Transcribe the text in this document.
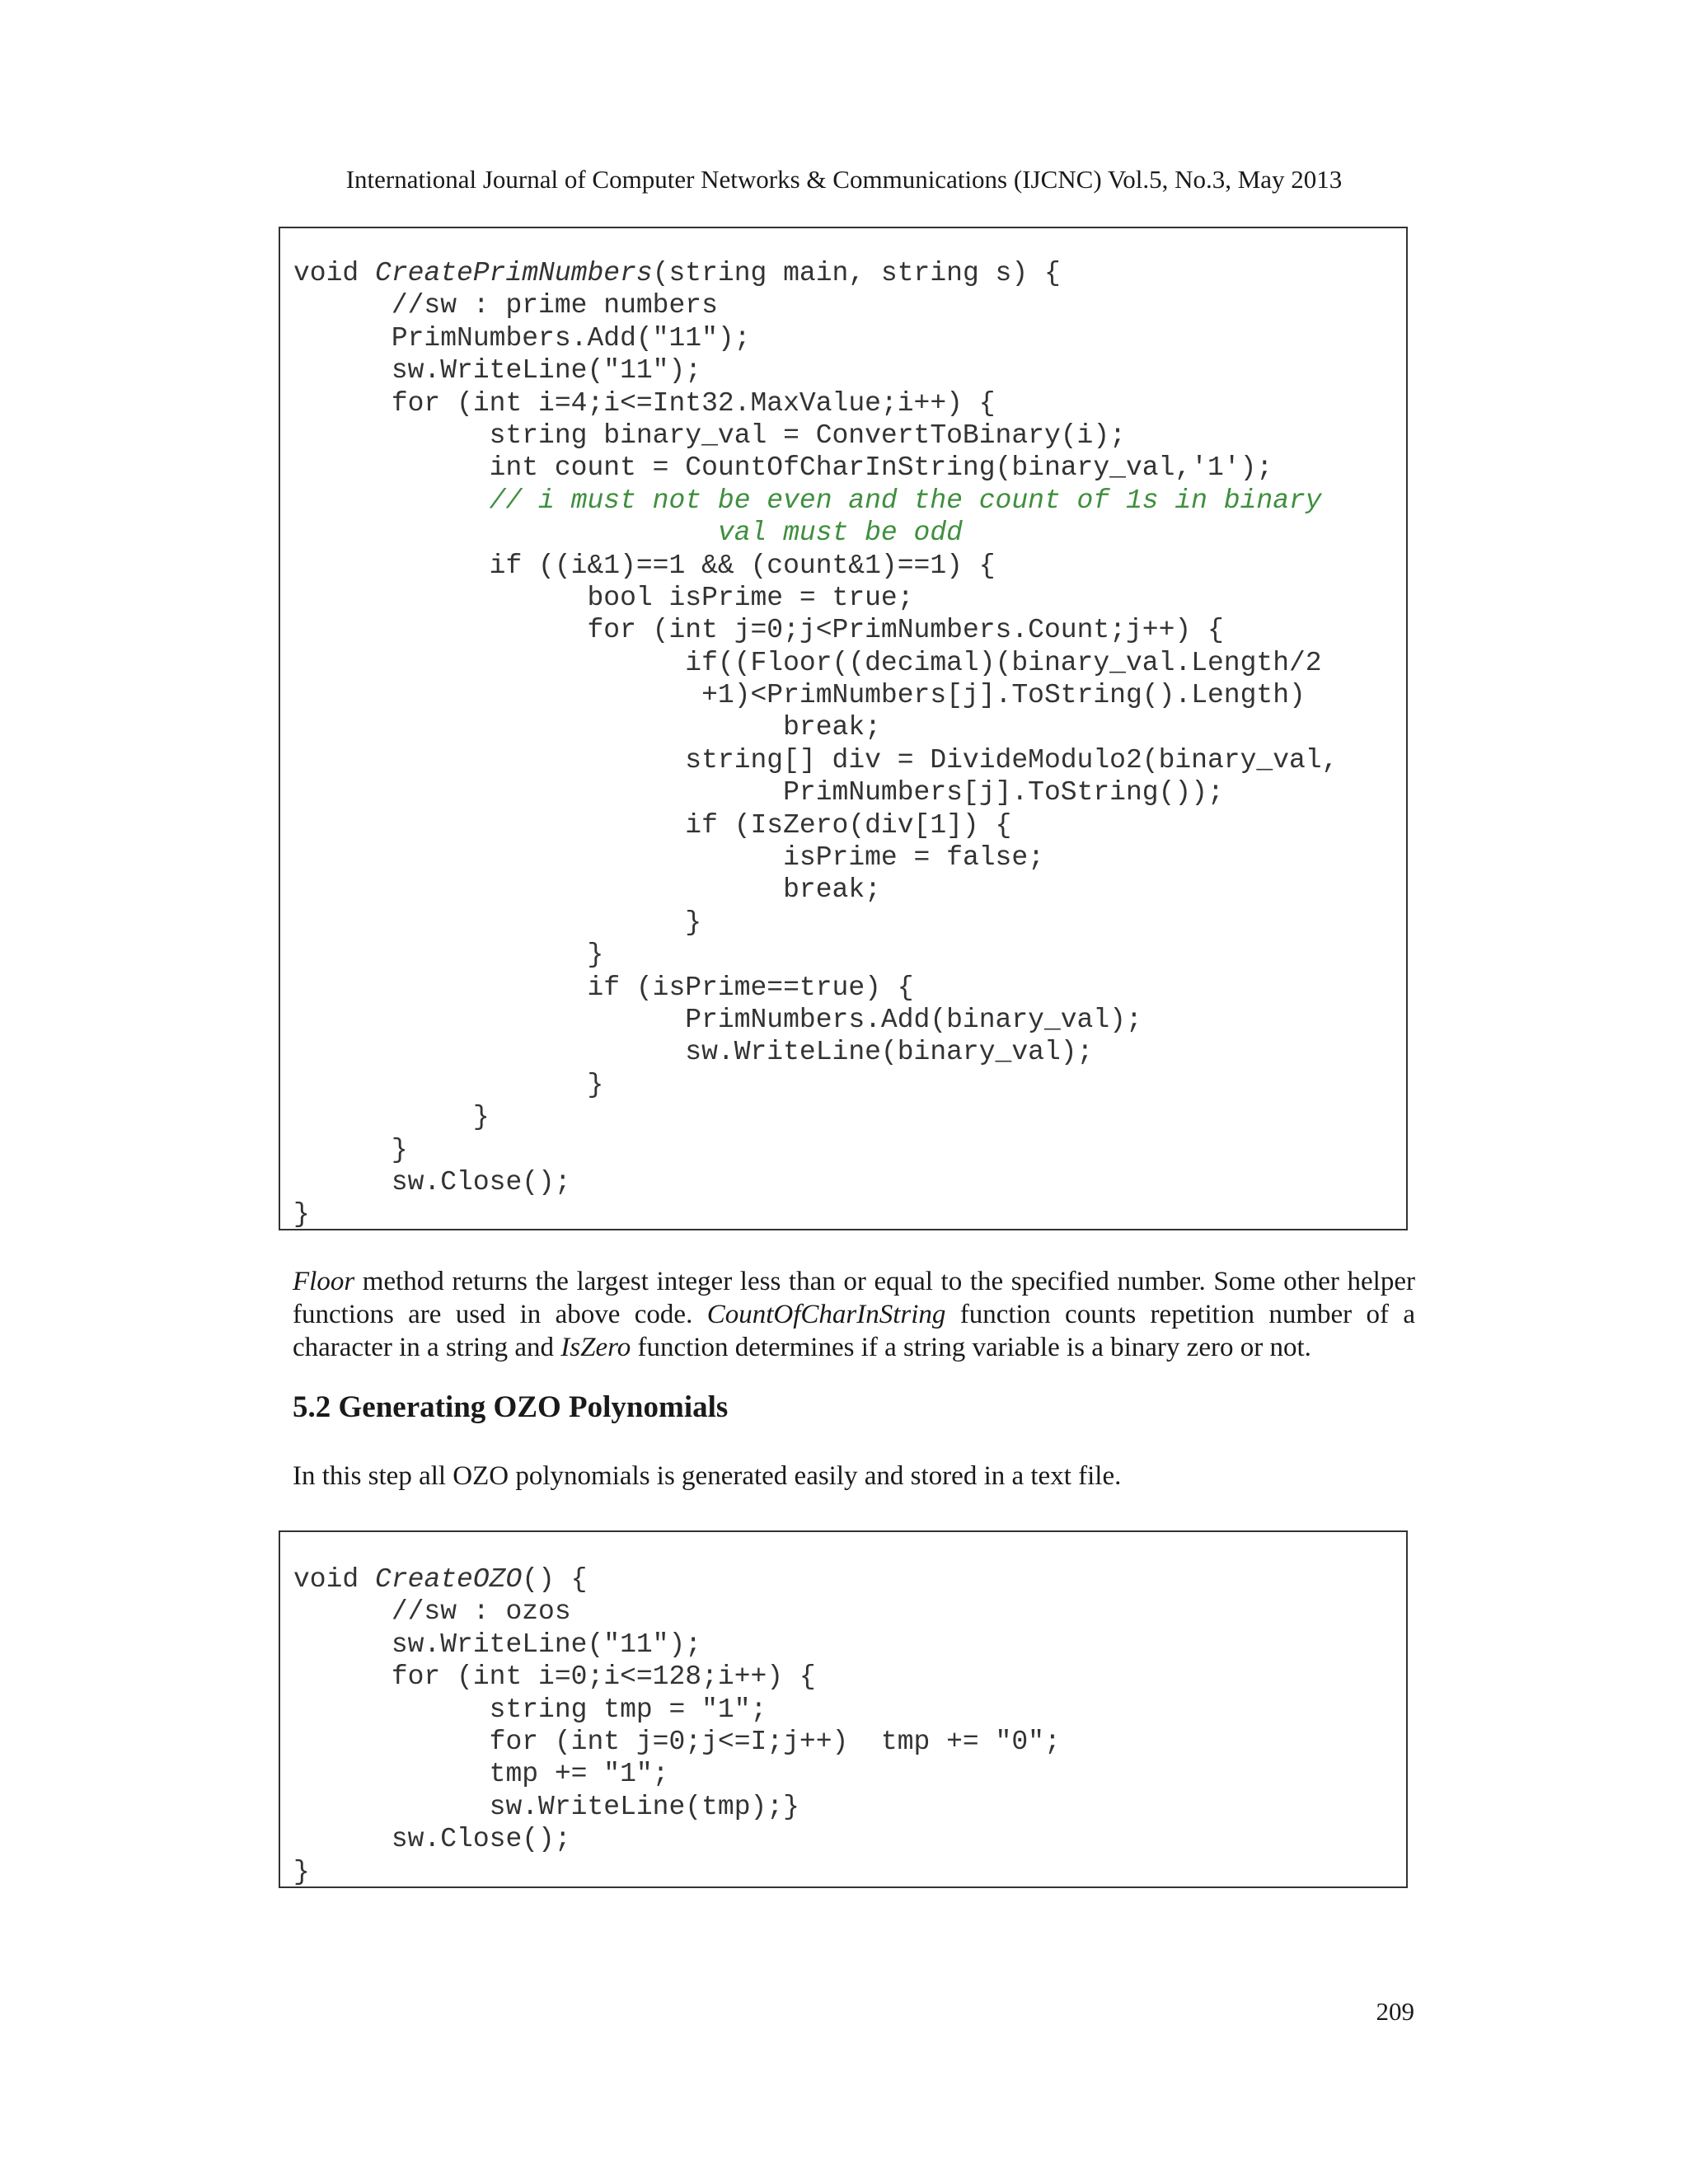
International Journal of Computer Networks & Communications (IJCNC) Vol.5, No.3, May 2013
void CreatePrimNumbers(string main, string s) {
//sw : prime numbers
PrimNumbers.Add("11");
sw.WriteLine("11");
for (int i=4;i<=Int32.MaxValue;i++) {
string binary_val = ConvertToBinary(i);
int count = CountOfCharInString(binary_val,'1');
// i must not be even and the count of 1s in binary
val must be odd
if ((i&1)==1 && (count&1)==1) {
bool isPrime = true;
for (int j=0;j<PrimNumbers.Count;j++) {
if((Floor((decimal)(binary_val.Length/2
+1)<PrimNumbers[j].ToString().Length)
break;
string[] div = DivideModulo2(binary_val,
PrimNumbers[j].ToString());
if (IsZero(div[1]) {
isPrime = false;
break;
}
}
if (isPrime==true) {
PrimNumbers.Add(binary_val);
sw.WriteLine(binary_val);
}
}
}
sw.Close();
}

Floor method returns the largest integer less than or equal to the specified number. Some other helper functions are used in above code. CountOfCharInString function counts repetition number of a character in a string and IsZero function determines if a string variable is a binary zero or not.

5.2 Generating OZO Polynomials

In this step all OZO polynomials is generated easily and stored in a text file.

void CreateOZO() {
//sw : ozos
sw.WriteLine("11");
for (int i=0;i<=128;i++) {
string tmp = "1";
for (int j=0;j<=I;j++)  tmp += "0";
tmp += "1";
sw.WriteLine(tmp);}
sw.Close();
}
209
